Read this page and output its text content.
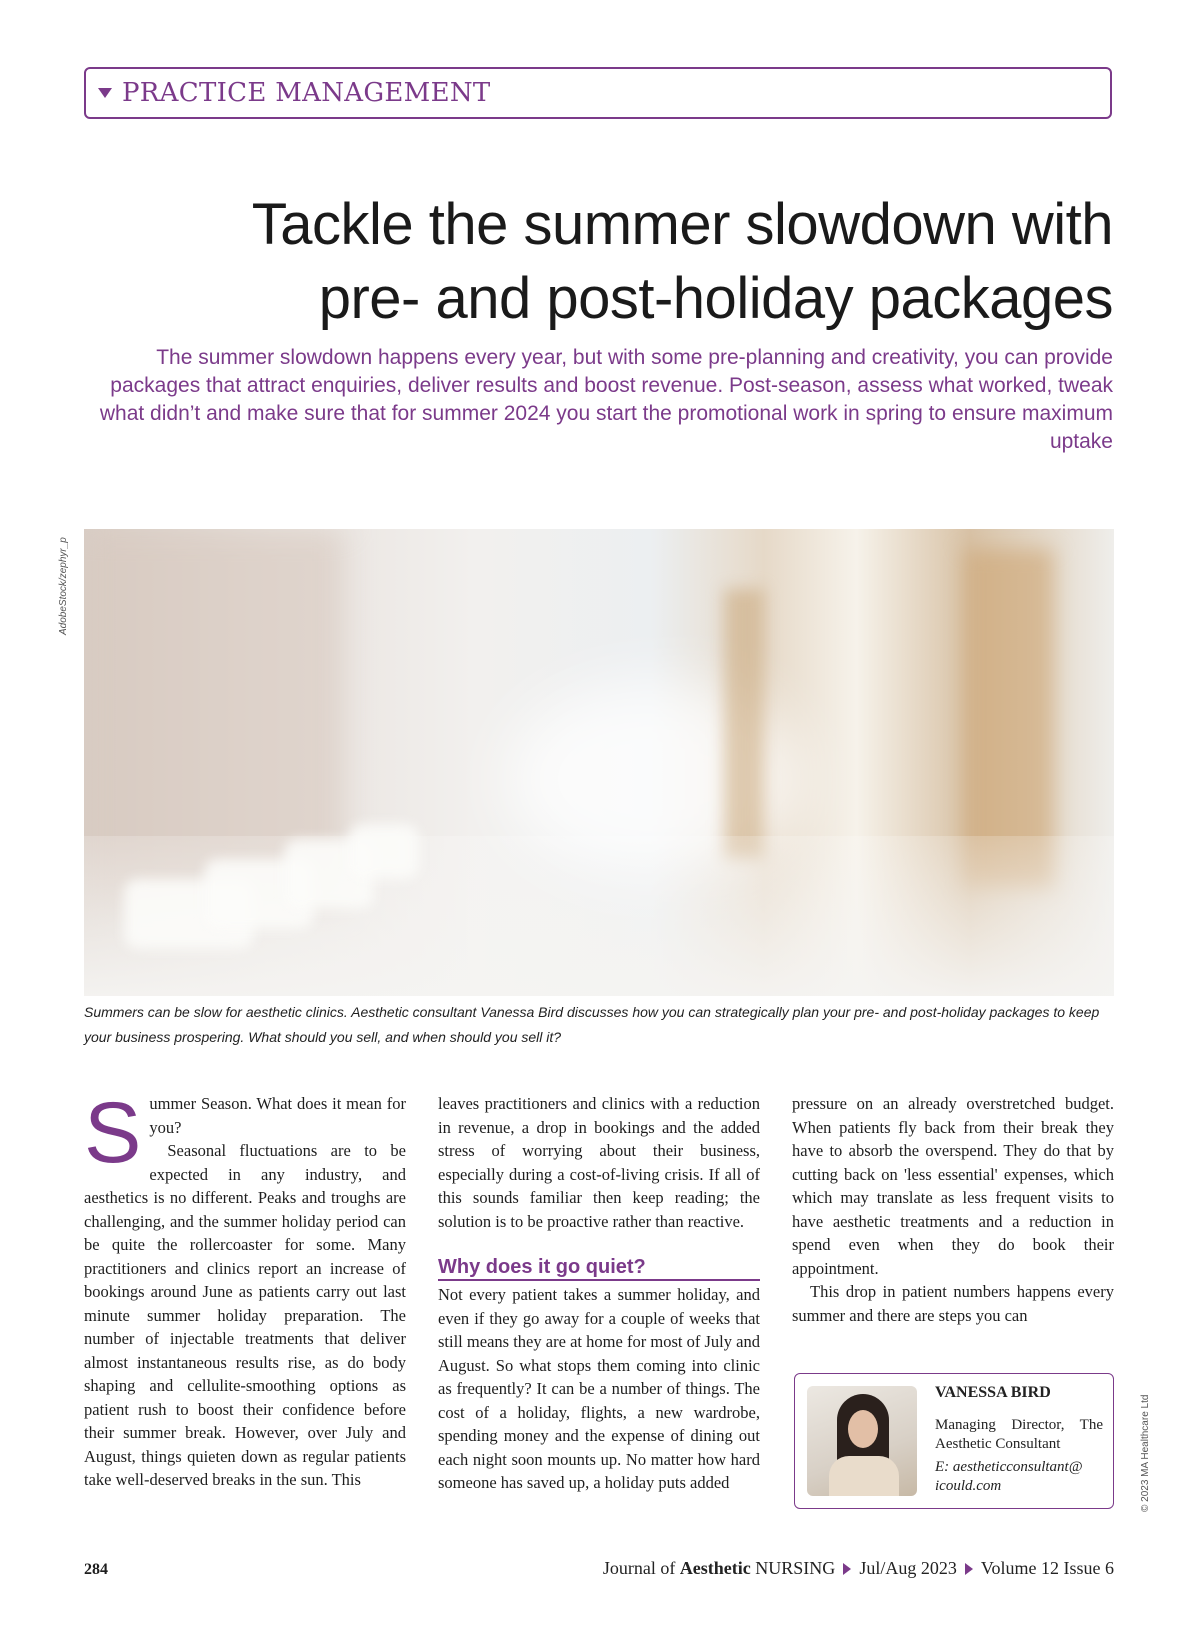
PRACTICE MANAGEMENT
Tackle the summer slowdown with
pre- and post-holiday packages

The summer slowdown happens every year, but with some pre-planning and creativity, you can provide packages that attract enquiries, deliver results and boost revenue. Post-season, assess what worked, tweak what didn’t and make sure that for summer 2024 you start the promotional work in spring to ensure maximum uptake

AdobeStock/zephyr_p

Summers can be slow for aesthetic clinics. Aesthetic consultant Vanessa Bird discusses how you can strategically plan your pre- and post-holiday packages to keep your business prospering. What should you sell, and when should you sell it?

Summer Season. What does it mean for you?

Seasonal fluctuations are to be expected in any industry, and aesthetics is no different. Peaks and troughs are challenging, and the summer holiday period can be quite the rollercoaster for some. Many practitioners and clinics report an increase of bookings around June as patients carry out last minute summer holiday preparation. The number of injectable treatments that deliver almost instantaneous results rise, as do body shaping and cellulite-smoothing options as patient rush to boost their confidence before their summer break. However, over July and August, things quieten down as regular patients take well-deserved breaks in the sun. This

leaves practitioners and clinics with a reduction in revenue, a drop in bookings and the added stress of worrying about their business, especially during a cost-of-living crisis. If all of this sounds familiar then keep reading; the solution is to be proactive rather than reactive.

Why does it go quiet?

Not every patient takes a summer holiday, and even if they go away for a couple of weeks that still means they are at home for most of July and August. So what stops them coming into clinic as frequently? It can be a number of things. The cost of a holiday, flights, a new wardrobe, spending money and the expense of dining out each night soon mounts up. No matter how hard someone has saved up, a holiday puts added

pressure on an already overstretched budget. When patients fly back from their break they have to absorb the overspend. They do that by cutting back on 'less essential' expenses, which which may translate as less frequent visits to have aesthetic treatments and a reduction in spend even when they do book their appointment.

This drop in patient numbers happens every summer and there are steps you can

VANESSA BIRD
Managing Director, The Aesthetic Consultant
E: aestheticconsultant@ icould.com	© 2023 MA Healthcare Ltd
284	Journal of
Aesthetic
NURSING Jul/Aug 2023 Volume 12 Issue 6
